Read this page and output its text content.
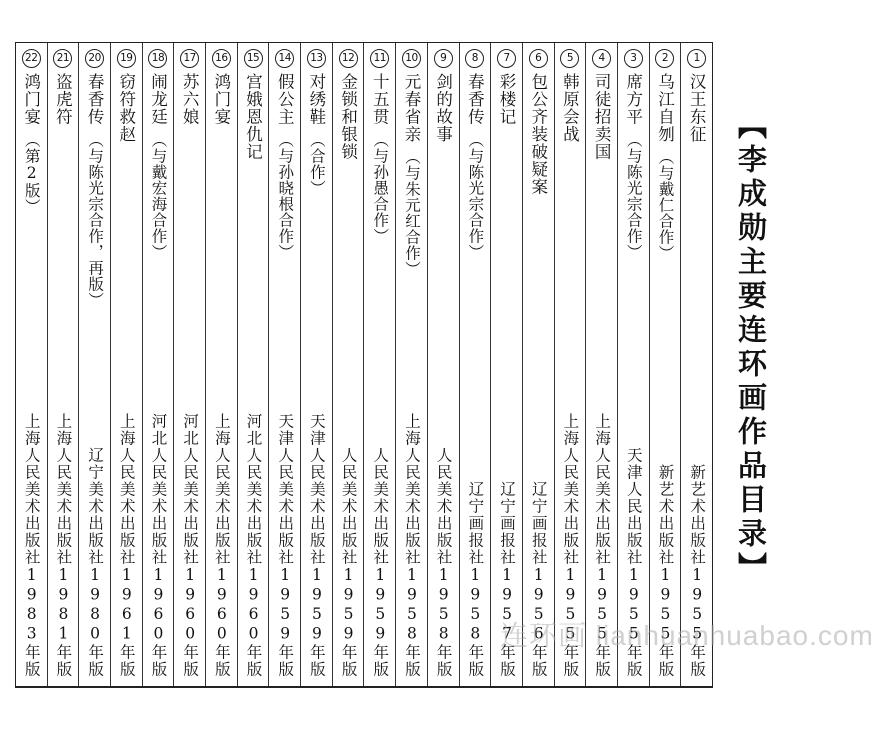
1
汉王东征
新艺术出版社1955年版
2
乌江自刎
（与戴仁合作）
新艺术出版社1955年版
3
席方平
（与陈光宗合作）
天津人民出版社1955年版
4
司徒招卖国
上海人民美术出版社1955年版
5
韩原会战
上海人民美术出版社1955年版
6
包公齐装破疑案
辽宁画报社1956年版
7
彩楼记
辽宁画报社1957年版
8
春香传
（与陈光宗合作）
辽宁画报社1958年版
9
剑的故事
人民美术出版社1958年版
10
元春省亲
（与朱元红合作）
上海人民美术出版社1958年版
11
十五贯
（与孙愚合作）
人民美术出版社1959年版
12
金锁和银锁
人民美术出版社1959年版
13
对绣鞋
（合作）
天津人民美术出版社1959年版
14
假公主
（与孙晓根合作）
天津人民美术出版社1959年版
15
宫娥恩仇记
河北人民美术出版社1960年版
16
鸿门宴
上海人民美术出版社1960年版
17
苏六娘
河北人民美术出版社1960年版
18
闹龙廷
（与戴宏海合作）
河北人民美术出版社1960年版
19
窃符救赵
上海人民美术出版社1961年版
20
春香传
（与陈光宗合作，再版）
辽宁美术出版社1980年版
21
盗虎符
上海人民美术出版社1981年版
22
鸿门宴
（第2版）
上海人民美术出版社1983年版	【李成勋主要连环画作品目录】
连环画 lianhuanhuabao.com
